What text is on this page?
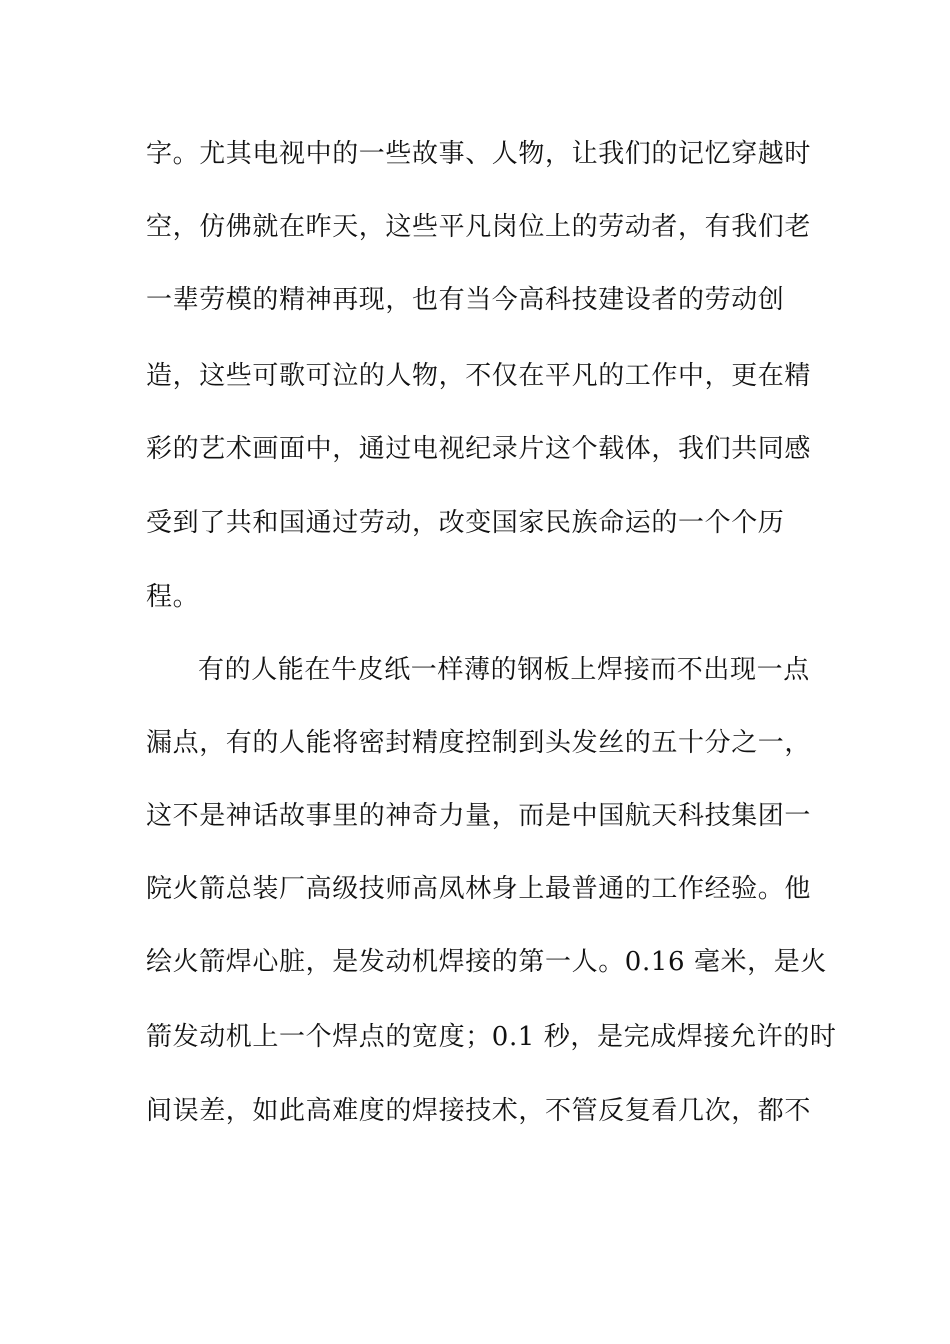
字。尤其电视中的一些故事、人物，让我们的记忆穿越时
空，仿佛就在昨天，这些平凡岗位上的劳动者，有我们老
一辈劳模的精神再现，也有当今高科技建设者的劳动创
造，这些可歌可泣的人物，不仅在平凡的工作中，更在精
彩的艺术画面中，通过电视纪录片这个载体，我们共同感
受到了共和国通过劳动，改变国家民族命运的一个个历
程。
有的人能在牛皮纸一样薄的钢板上焊接而不出现一点
漏点，有的人能将密封精度控制到头发丝的五十分之一，
这不是神话故事里的神奇力量，而是中国航天科技集团一
院火箭总装厂高级技师高凤林身上最普通的工作经验。他
绘火箭焊心脏，是发动机焊接的第一人。0.16 毫米，是火
箭发动机上一个焊点的宽度；0.1 秒，是完成焊接允许的时
间误差，如此高难度的焊接技术，不管反复看几次，都不
